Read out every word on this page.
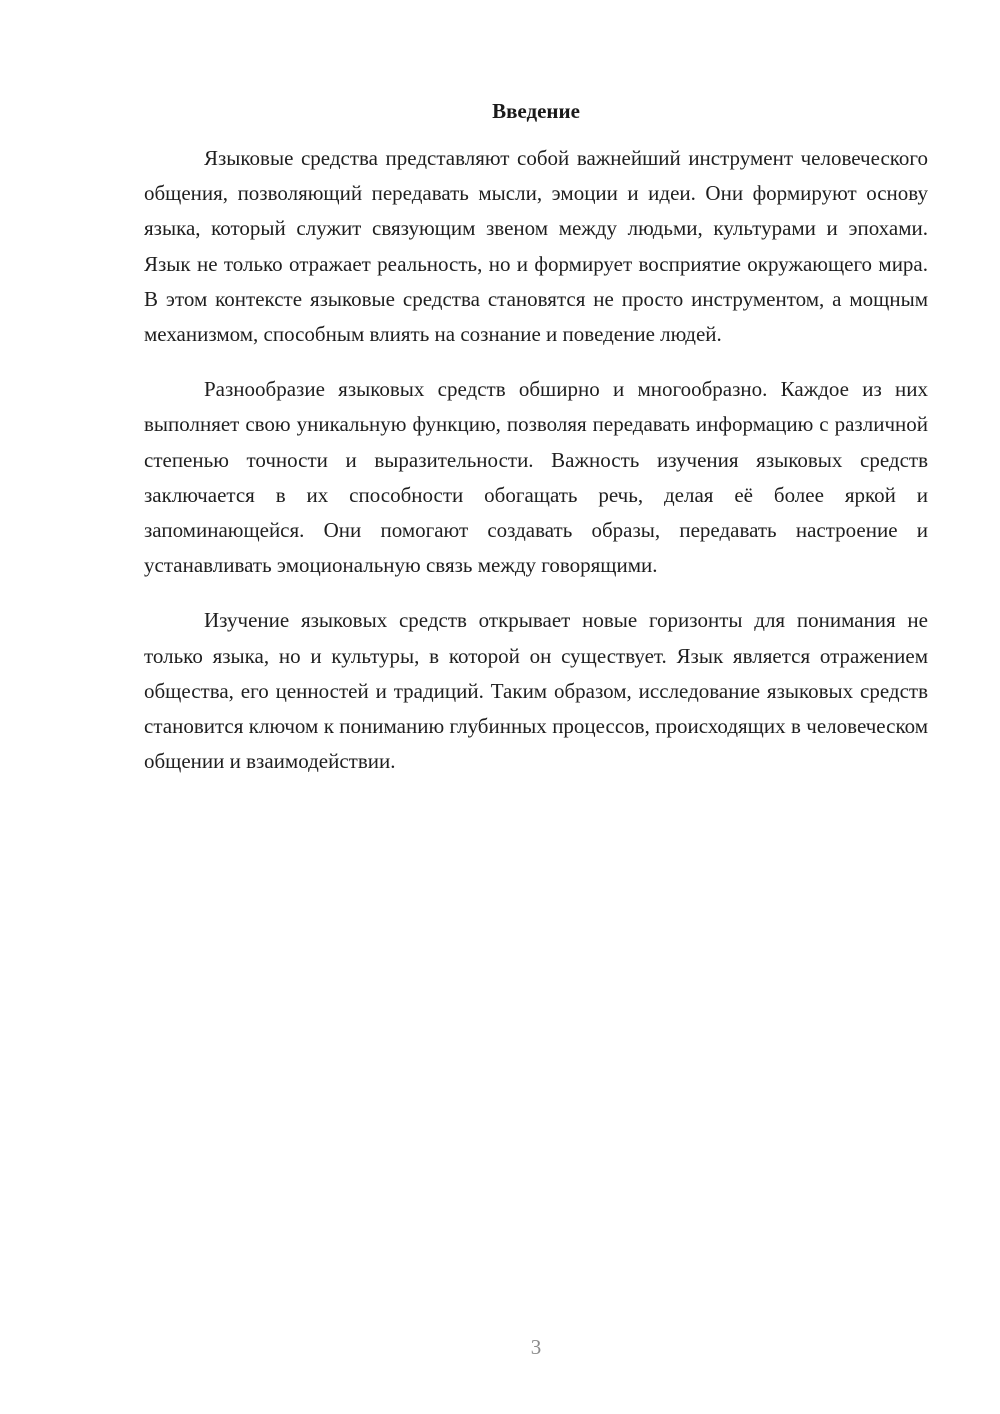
Введение

Языковые средства представляют собой важнейший инструмент человеческого общения, позволяющий передавать мысли, эмоции и идеи. Они формируют основу языка, который служит связующим звеном между людьми, культурами и эпохами. Язык не только отражает реальность, но и формирует восприятие окружающего мира. В этом контексте языковые средства становятся не просто инструментом, а мощным механизмом, способным влиять на сознание и поведение людей.

Разнообразие языковых средств обширно и многообразно. Каждое из них выполняет свою уникальную функцию, позволяя передавать информацию с различной степенью точности и выразительности. Важность изучения языковых средств заключается в их способности обогащать речь, делая её более яркой и запоминающейся. Они помогают создавать образы, передавать настроение и устанавливать эмоциональную связь между говорящими.

Изучение языковых средств открывает новые горизонты для понимания не только языка, но и культуры, в которой он существует. Язык является отражением общества, его ценностей и традиций. Таким образом, исследование языковых средств становится ключом к пониманию глубинных процессов, происходящих в человеческом общении и взаимодействии.

3
